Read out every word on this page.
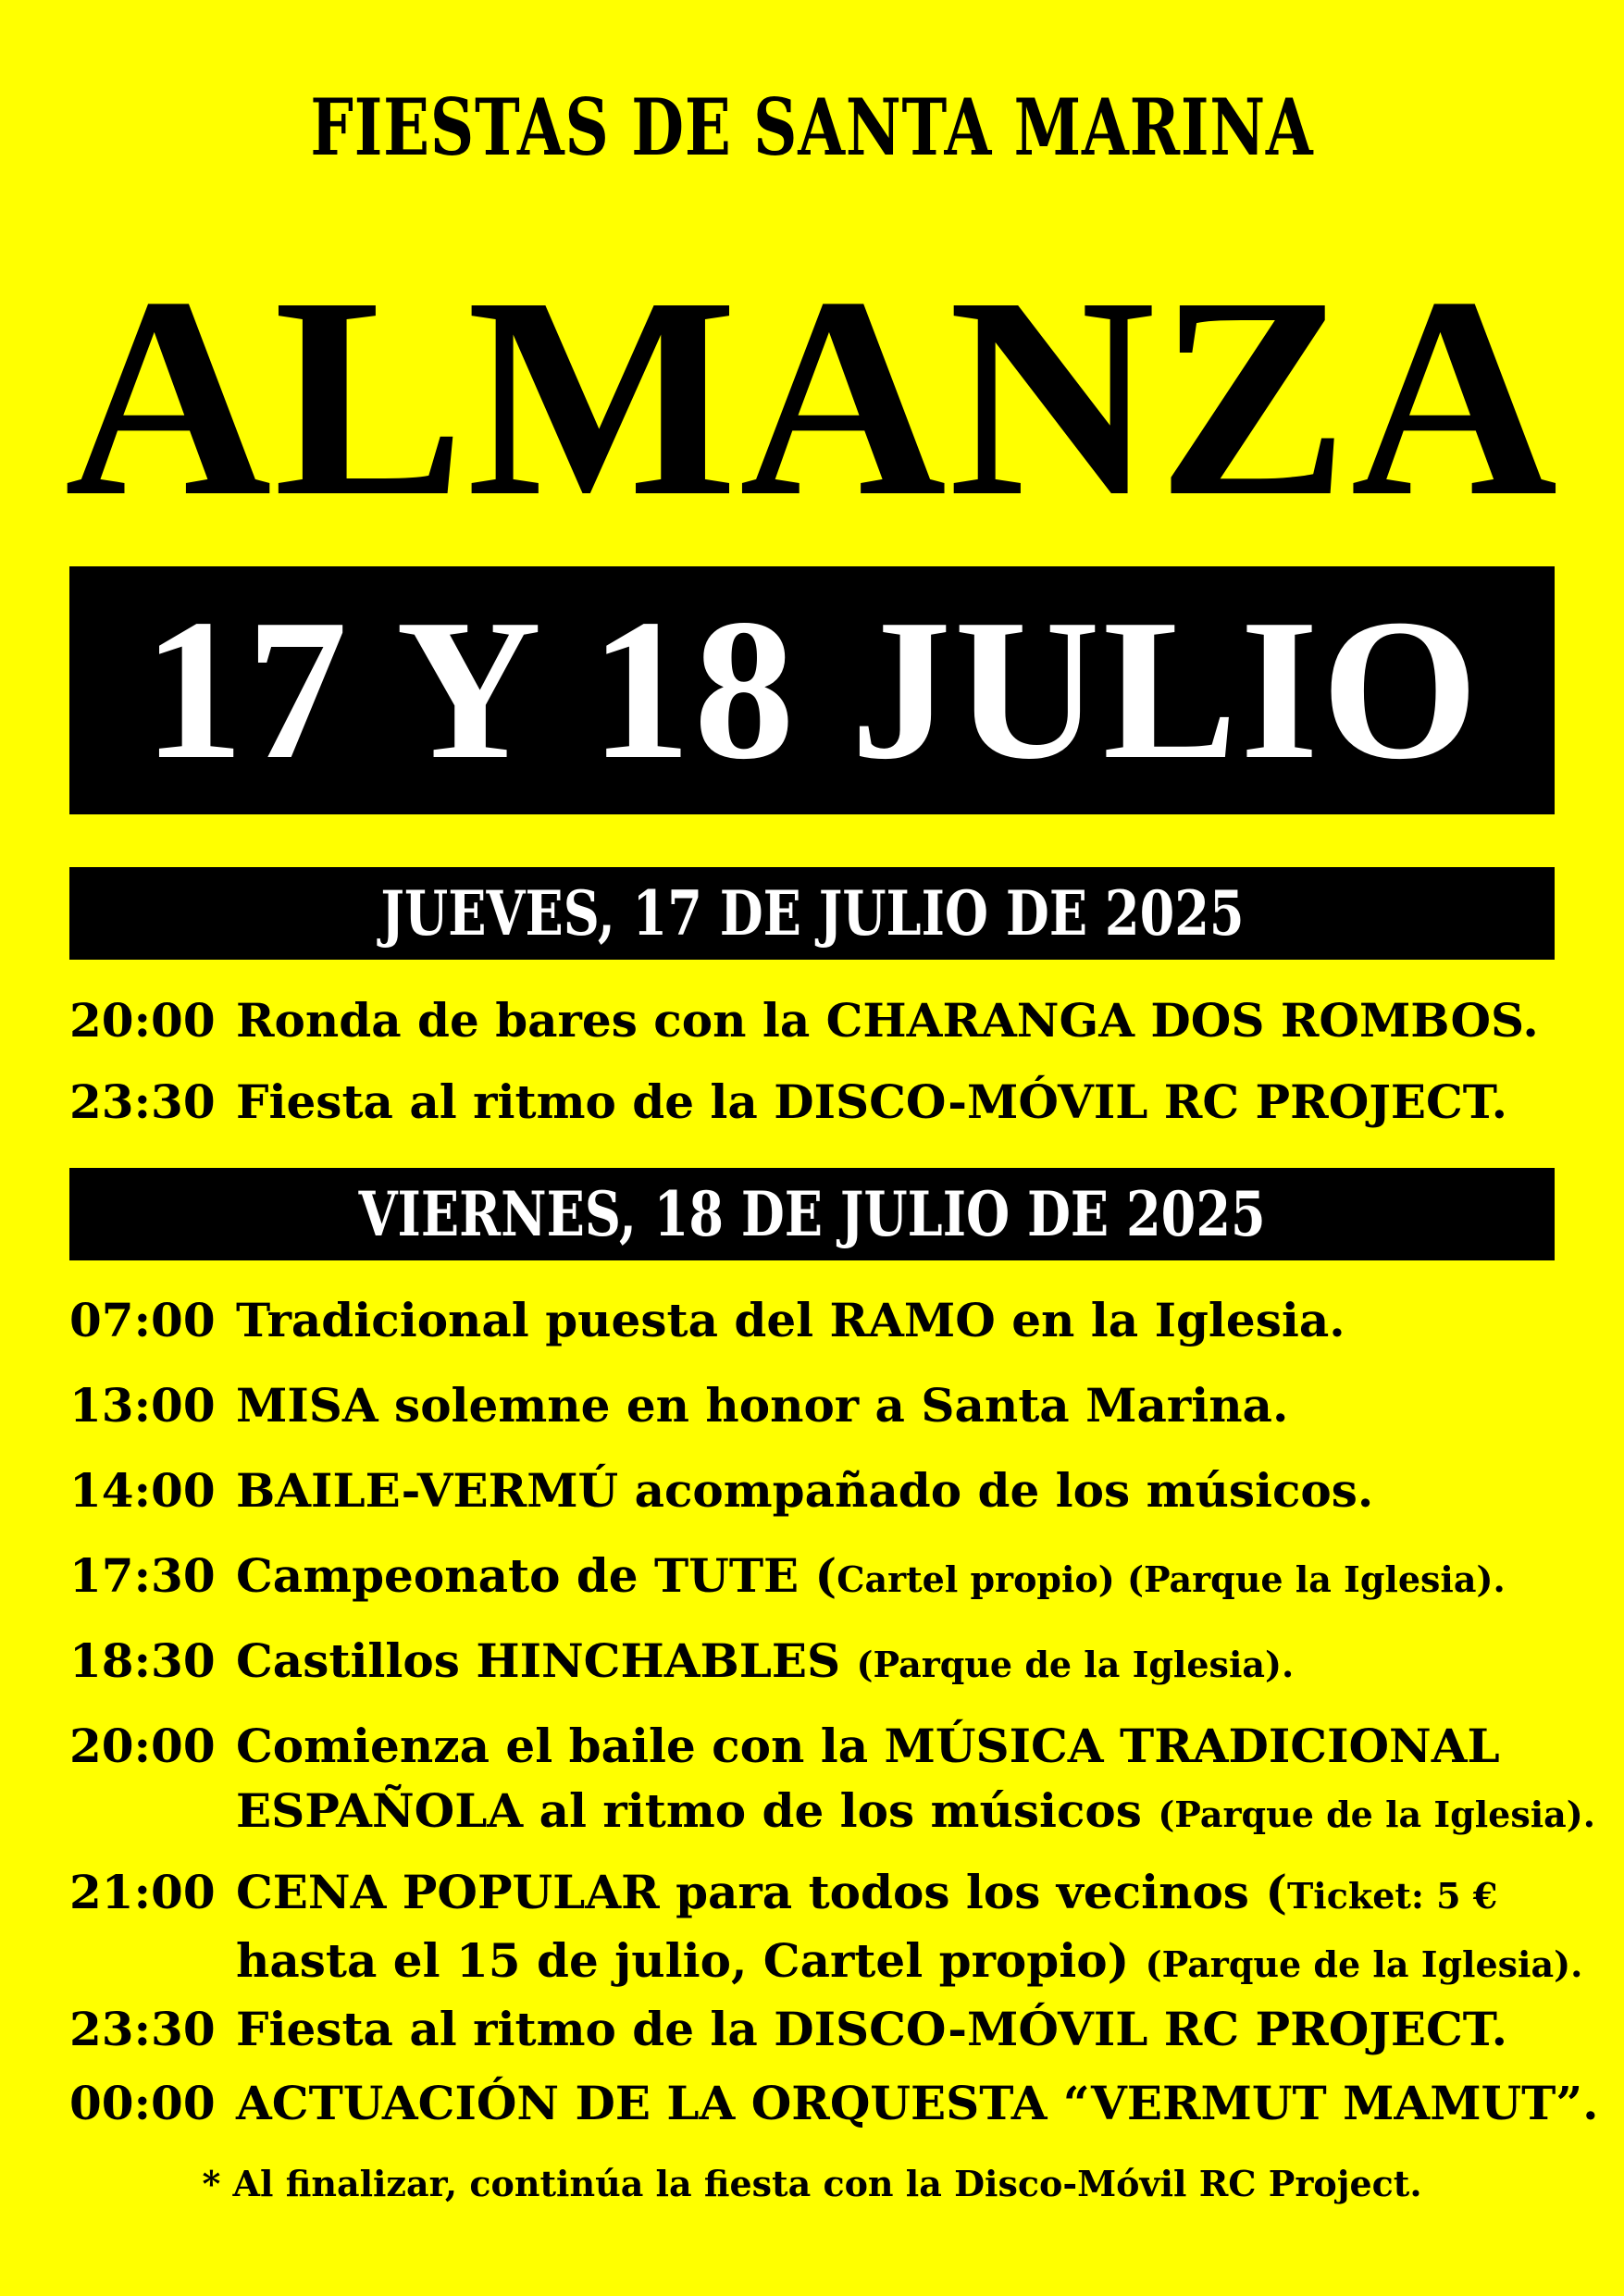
FIESTAS DE SANTA MARINA
ALMANZA
17 Y 18 JULIO
JUEVES, 17 DE JULIO DE 2025
20:00 Ronda de bares con la CHARANGA DOS ROMBOS.
23:30 Fiesta al ritmo de la DISCO-MÓVIL RC PROJECT.
VIERNES, 18 DE JULIO DE 2025
07:00 Tradicional puesta del RAMO en la Iglesia.
13:00 MISA solemne en honor a Santa Marina.
14:00 BAILE-VERMÚ acompañado de los músicos.
17:30 Campeonato de TUTE (Cartel propio) (Parque la Iglesia).
18:30 Castillos HINCHABLES (Parque de la Iglesia).
20:00 Comienza el baile con la MÚSICA TRADICIONAL
ESPAÑOLA al ritmo de los músicos (Parque de la Iglesia).
21:00 CENA POPULAR para todos los vecinos (Ticket: 5 €
hasta el 15 de julio, Cartel propio) (Parque de la Iglesia).
23:30 Fiesta al ritmo de la DISCO-MÓVIL RC PROJECT.
00:00 ACTUACIÓN DE LA ORQUESTA “VERMUT MAMUT”.
* Al finalizar, continúa la fiesta con la Disco-Móvil RC Project.
